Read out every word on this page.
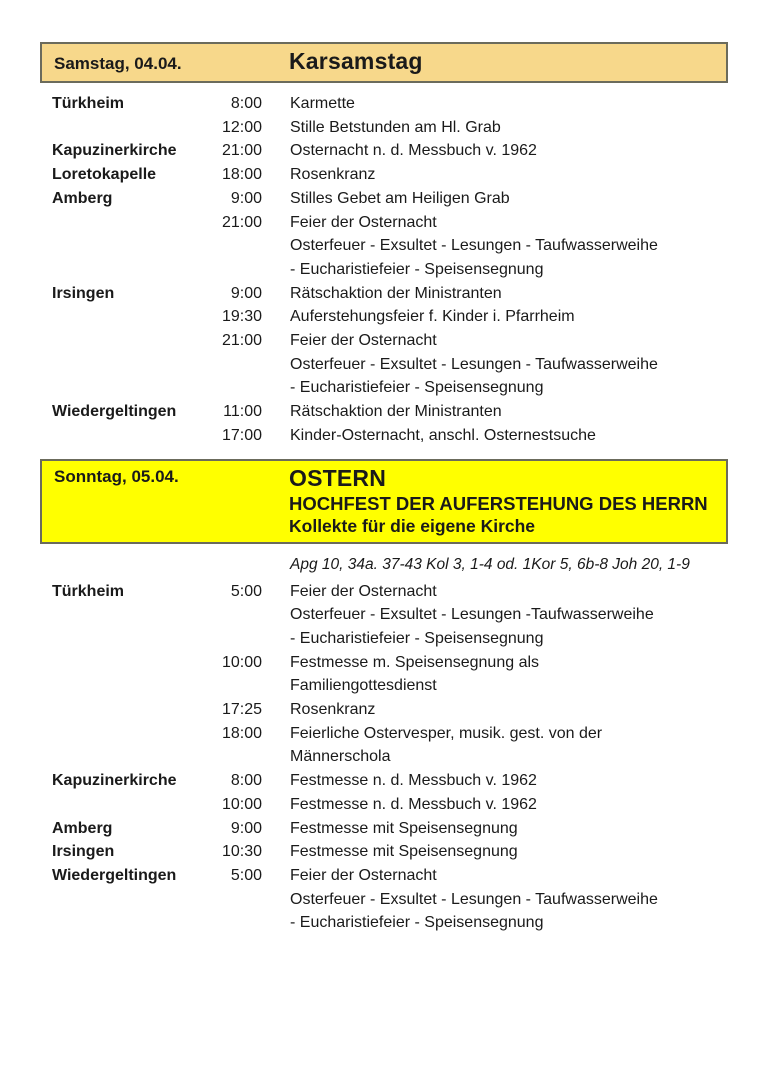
Samstag, 04.04.	Karsamstag
Türkheim	8:00 Karmette
12:00 Stille Betstunden am Hl. Grab
Kapuzinerkirche	21:00 Osternacht n. d. Messbuch v. 1962
Loretokapelle	18:00 Rosenkranz
Amberg	9:00 Stilles Gebet am Heiligen Grab
21:00 Feier der Osternacht
Osterfeuer - Exsultet - Lesungen - Taufwasserweihe
- Eucharistiefeier - Speisensegnung
Irsingen	9:00 Rätschaktion der Ministranten
19:30 Auferstehungsfeier f. Kinder i. Pfarrheim
21:00 Feier der Osternacht
Osterfeuer - Exsultet - Lesungen - Taufwasserweihe
- Eucharistiefeier - Speisensegnung
Wiedergeltingen	11:00 Rätschaktion der Ministranten
17:00 Kinder-Osternacht, anschl. Osternestsuche
Sonntag, 05.04.	OSTERN
HOCHFEST DER AUFERSTEHUNG DES HERRN
Kollekte für die eigene Kirche
Apg 10, 34a. 37-43 Kol 3, 1-4 od. 1Kor 5, 6b-8 Joh 20, 1-9
Türkheim	5:00 Feier der Osternacht
Osterfeuer - Exsultet - Lesungen -Taufwasserweihe
- Eucharistiefeier - Speisensegnung
10:00 Festmesse m. Speisensegnung als
Familiengottesdienst
17:25 Rosenkranz
18:00 Feierliche Ostervesper, musik. gest. von der
Männerschola
Kapuzinerkirche	8:00 Festmesse n. d. Messbuch v. 1962
10:00 Festmesse n. d. Messbuch v. 1962
Amberg	9:00 Festmesse mit Speisensegnung
Irsingen	10:30 Festmesse mit Speisensegnung
Wiedergeltingen	5:00 Feier der Osternacht
Osterfeuer - Exsultet - Lesungen - Taufwasserweihe
- Eucharistiefeier - Speisensegnung
